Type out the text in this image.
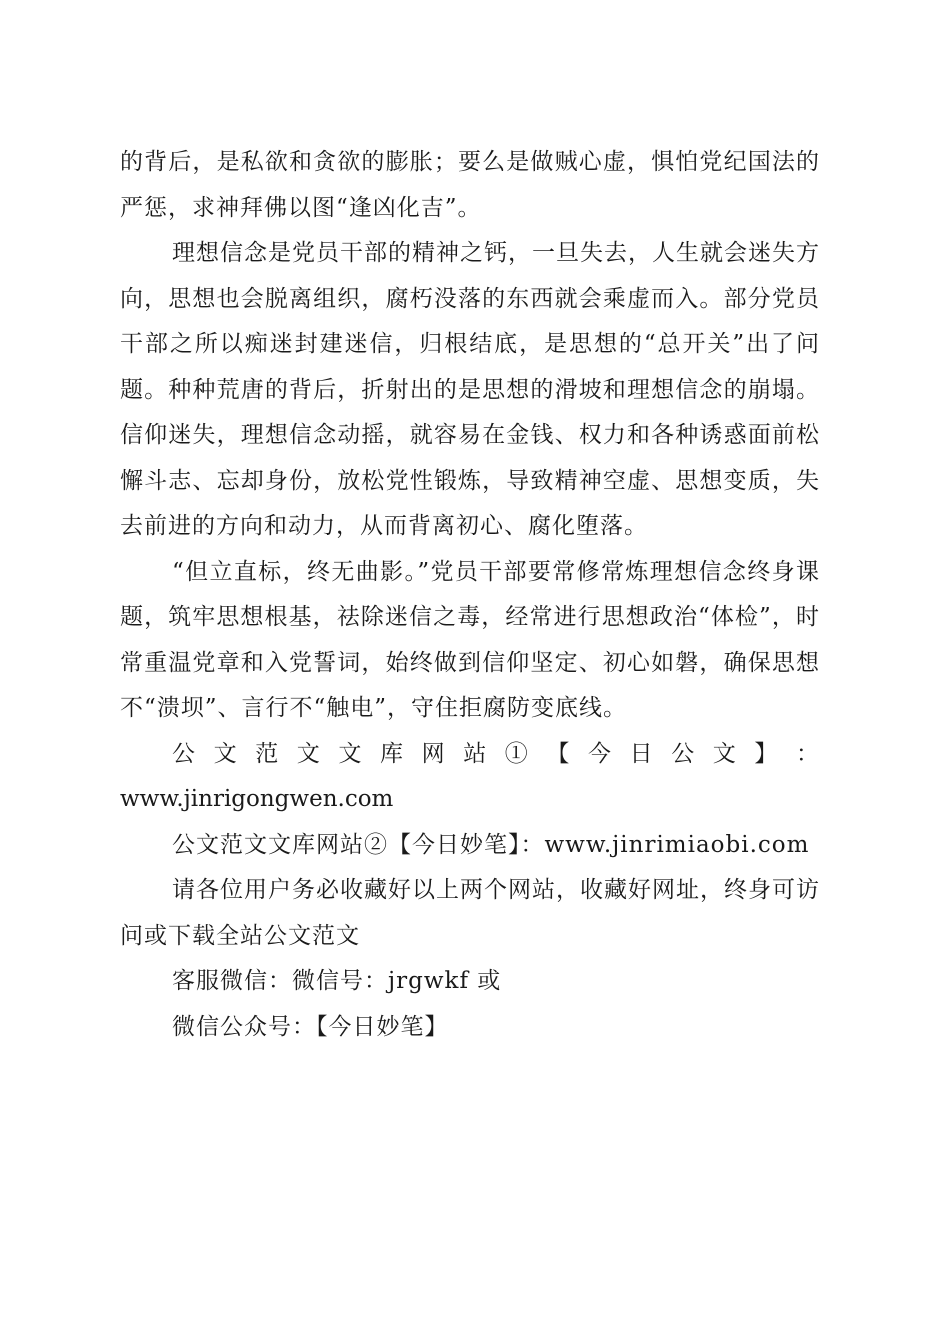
的背后，是私欲和贪欲的膨胀；要么是做贼心虚，惧怕党纪国法的严惩，求神拜佛以图“逢凶化吉”。

理想信念是党员干部的精神之钙，一旦失去，人生就会迷失方向，思想也会脱离组织，腐朽没落的东西就会乘虚而入。部分党员干部之所以痴迷封建迷信，归根结底，是思想的“总开关”出了问题。种种荒唐的背后，折射出的是思想的滑坡和理想信念的崩塌。信仰迷失，理想信念动摇，就容易在金钱、权力和各种诱惑面前松懈斗志、忘却身份，放松党性锻炼，导致精神空虚、思想变质，失去前进的方向和动力，从而背离初心、腐化堕落。

“但立直标，终无曲影。”党员干部要常修常炼理想信念终身课题，筑牢思想根基，祛除迷信之毒，经常进行思想政治“体检”，时常重温党章和入党誓词，始终做到信仰坚定、初心如磐，确保思想不“溃坝”、言行不“触电”，守住拒腐防变底线。

公 文 范 文 文 库 网 站 ① 【 今 日 公 文 】 ：

www.jinrigongwen.com

公文范文文库网站②【今日妙笔】：www.jinrimiaobi.com

请各位用户务必收藏好以上两个网站，收藏好网址，终身可访问或下载全站公文范文

客服微信：微信号：jrgwkf 或

微信公众号：【今日妙笔】
